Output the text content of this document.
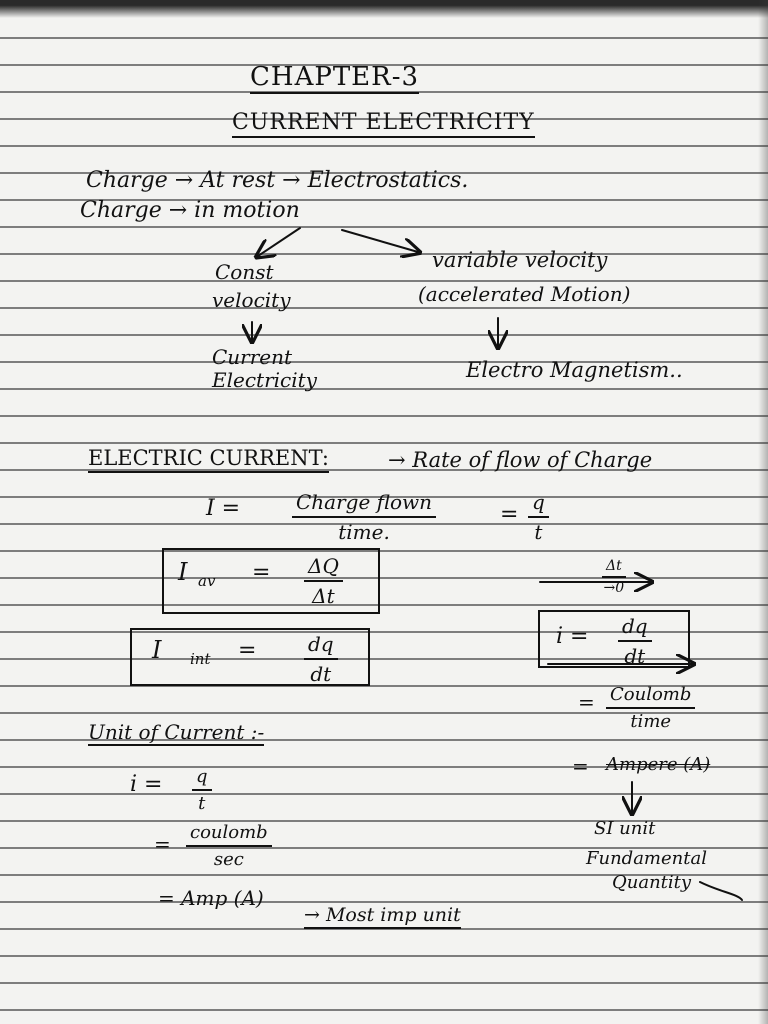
CHAPTER-3
CURRENT ELECTRICITY
Charge → At rest → Electrostatics.
Charge → in motion
Const
velocity
variable velocity
(accelerated Motion)
Current
Electricity	Electro Magnetism..
ELECTRIC CURRENT:	→ Rate of flow of Charge
I =	Charge flown
time.
= $\frac{q}{t}$
I av = $\frac{\Delta Q}{\Delta t}$
I int = $\frac{dq}{dt}$
$\frac{\Delta t}{\to 0}$
$i = \frac{dq}{dt}$
= Coulomb
time
= Ampere (A)
SI unit
Fundamental
Quantity
Unit of Current :-
$i = \frac{q}{t}$
= coulomb
sec
= Amp (A)
→ Most imp unit
